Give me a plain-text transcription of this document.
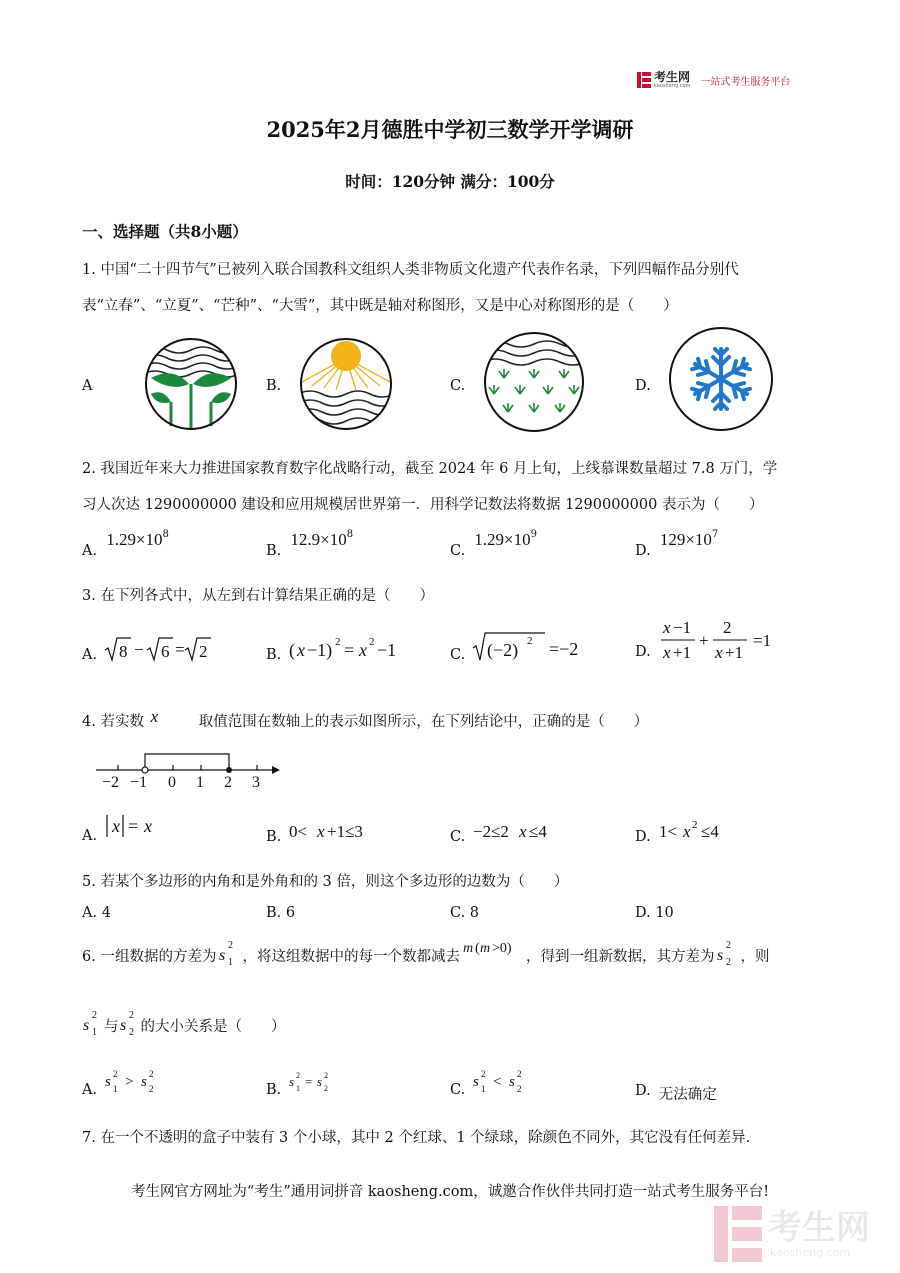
考生网
kaosheng.com 一站式考生服务平台
2025年2月德胜中学初三数学开学调研
时间：120分钟 满分：100分
一、选择题（共8小题）
1. 中国“二十四节气”已被列入联合国教科文组织人类非物质文化遗产代表作名录，下列四幅作品分别代
表“立春”、“立夏”、“芒种”、“大雪”，其中既是轴对称图形，又是中心对称图形的是（　　）
A	B.	C.	D.
2. 我国近年来大力推进国家教育数字化战略行动，截至 2024 年 6 月上旬，上线慕课数量超过 7.8 万门，学
习人次达 1290000000 建设和应用规模居世界第一．用科学记数法将数据 1290000000 表示为（　　）
A. $1.29\times 10^8$
B. $12.9\times 10^8$
C. $1.29\times 10^9$
D. $129\times 10^7$
3. 在下列各式中，从左到右计算结果正确的是（　　）
A. 8 − 6 = 2	B. ( x −1) 2 = x 2 −1	C. (−2) 2 =−2	D.
x −1
x +1
+
2
x +1
=1
4. 若实数 x	取值范围在数轴上的表示如图所示，在下列结论中，正确的是（　　）
−2 −1 0 1 2 3
A. x = x
B. 0< x +1≤3	C. −2≤2 x ≤4	D. 1< x 2 ≤4
5. 若某个多边形的内角和是外角和的 3 倍，则这个多边形的边数为（　　）
A. 4	B. 6	C. 8	D. 10
6. 一组数据的方差为 s
2
1 ，将这组数据中的每一个数都减去
m ( m >0)
，得到一组新数据，其方差为 s
2
2 ，则
s
2
1 与 s
2
2 的大小关系是（　　）
A. s 2
1 > s 2
2	B.
s 2
1 = s 2
2	C. s 2
1 < s 2
2	D. 无法确定
7. 在一个不透明的盒子中装有 3 个小球，其中 2 个红球、1 个绿球，除颜色不同外，其它没有任何差异.
考生网官方网址为“考生”通用词拼音 kaosheng.com，诚邀合作伙伴共同打造一站式考生服务平台!
考生网
kaosheng.com
